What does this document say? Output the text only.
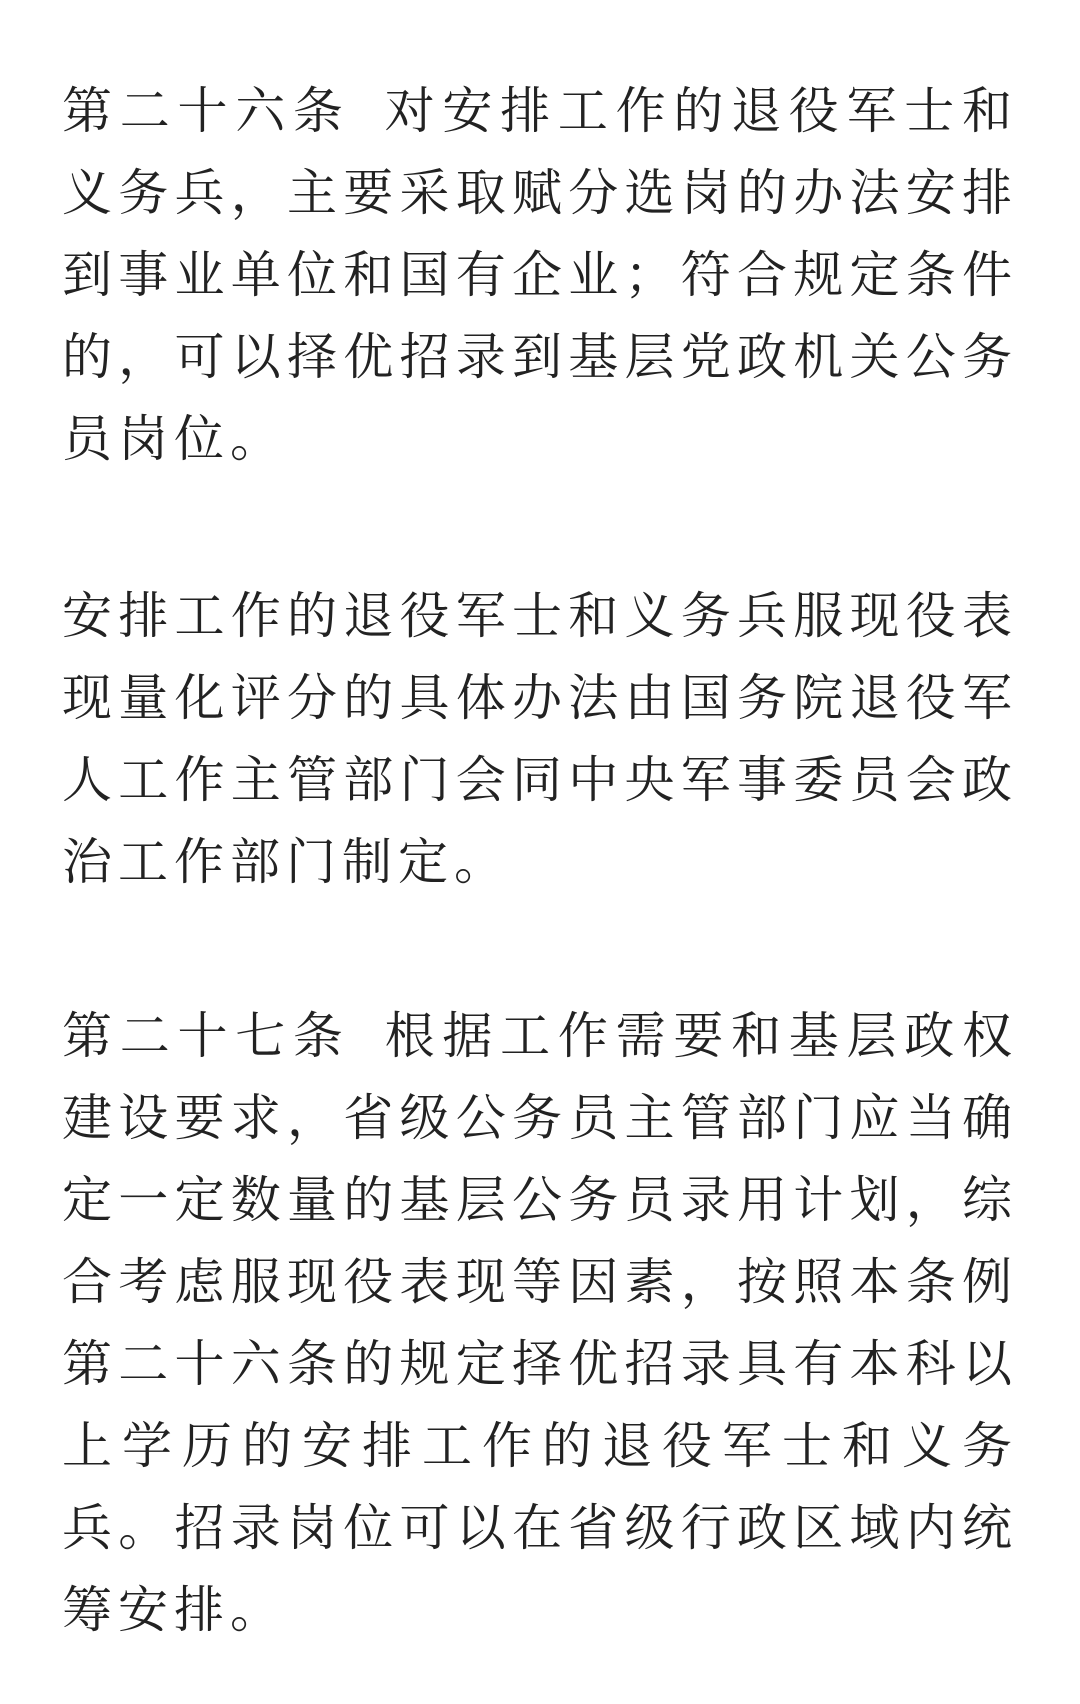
第二十六条 对安排工作的退役军士和义务兵，主要采取赋分选岗的办法安排到事业单位和国有企业；符合规定条件的，可以择优招录到基层党政机关公务员岗位。

安排工作的退役军士和义务兵服现役表现量化评分的具体办法由国务院退役军人工作主管部门会同中央军事委员会政治工作部门制定。

第二十七条 根据工作需要和基层政权建设要求，省级公务员主管部门应当确定一定数量的基层公务员录用计划，综合考虑服现役表现等因素，按照本条例第二十六条的规定择优招录具有本科以上学历的安排工作的退役军士和义务兵。招录岗位可以在省级行政区域内统筹安排。
